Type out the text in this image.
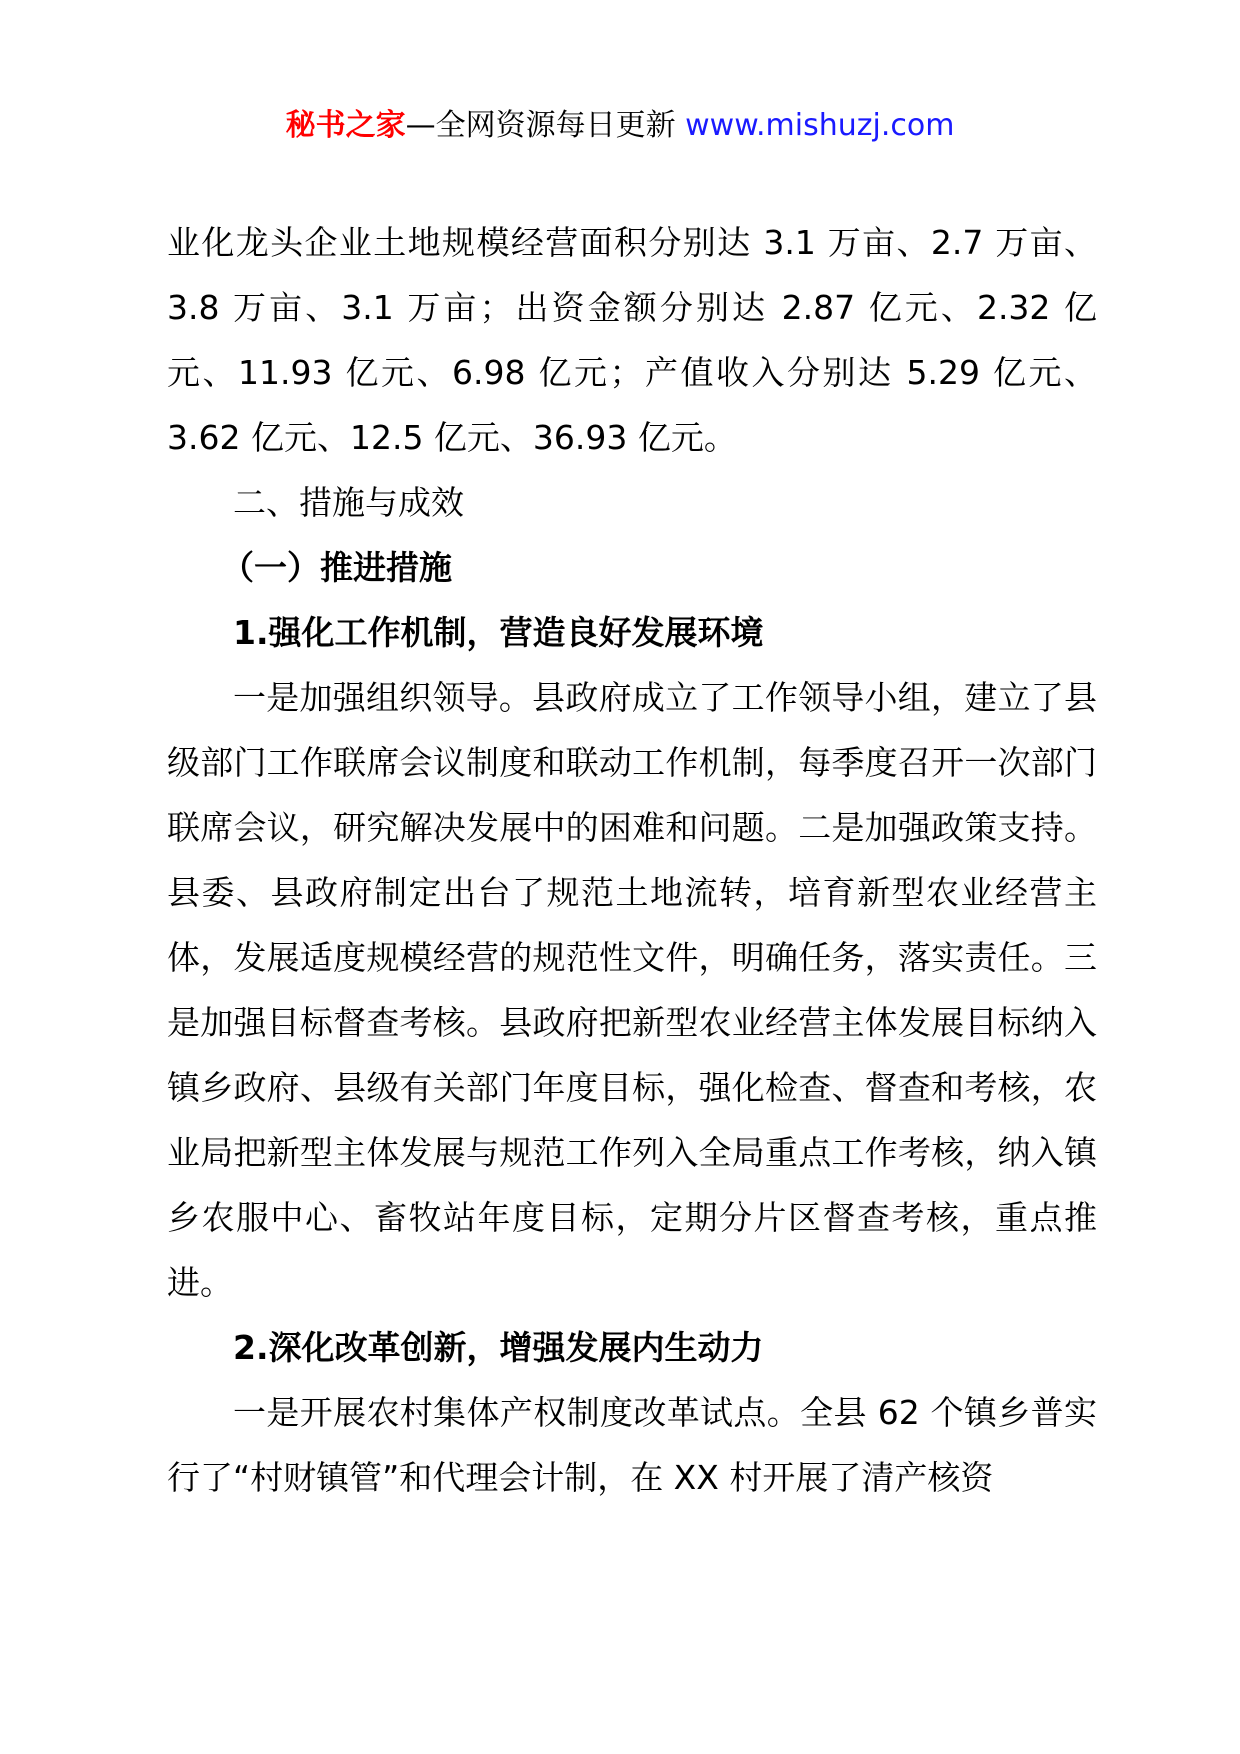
秘书之家—全网资源每日更新 www.mishuzj.com

业化龙头企业土地规模经营面积分别达 3.1 万亩、2.7 万亩、3.8 万亩、3.1 万亩；出资金额分别达 2.87 亿元、2.32 亿元、11.93 亿元、6.98 亿元；产值收入分别达 5.29 亿元、3.62 亿元、12.5 亿元、36.93 亿元。

二、措施与成效

（一）推进措施

1.强化工作机制，营造良好发展环境

一是加强组织领导。县政府成立了工作领导小组，建立了县级部门工作联席会议制度和联动工作机制，每季度召开一次部门联席会议，研究解决发展中的困难和问题。二是加强政策支持。县委、县政府制定出台了规范土地流转，培育新型农业经营主体，发展适度规模经营的规范性文件，明确任务，落实责任。三是加强目标督查考核。县政府把新型农业经营主体发展目标纳入镇乡政府、县级有关部门年度目标，强化检查、督查和考核，农业局把新型主体发展与规范工作列入全局重点工作考核，纳入镇乡农服中心、畜牧站年度目标，定期分片区督查考核，重点推进。

2.深化改革创新，增强发展内生动力

一是开展农村集体产权制度改革试点。全县 62 个镇乡普实行了“村财镇管”和代理会计制，在 XX 村开展了清产核资
